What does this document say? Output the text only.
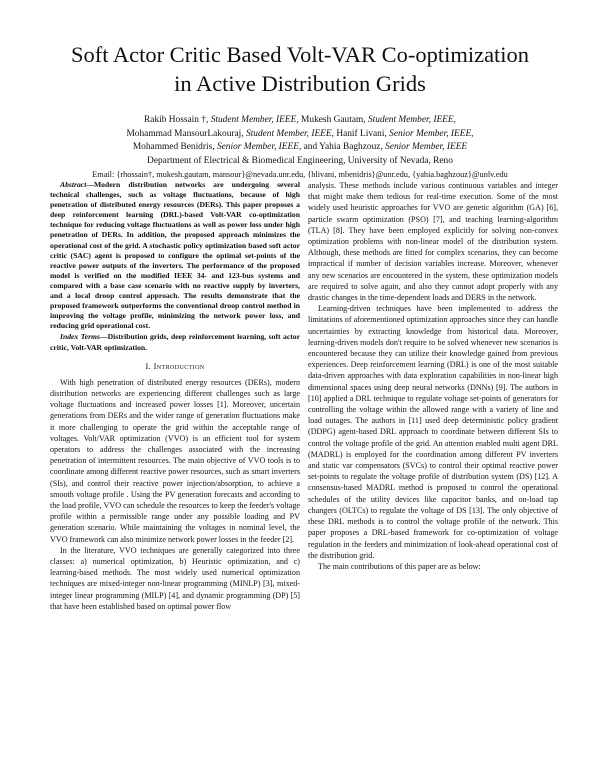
Soft Actor Critic Based Volt-VAR Co-optimization
in Active Distribution Grids
Rakib Hossain †, Student Member, IEEE, Mukesh Gautam, Student Member, IEEE,
Mohammad MansourLakouraj, Student Member, IEEE, Hanif Livani, Senior Member, IEEE,
Mohammed Benidris, Senior Member, IEEE, and Yahia Baghzouz, Senior Member, IEEE
Department of Electrical & Biomedical Engineering, University of Nevada, Reno
Email: {rhossain†, mukesh.gautam, mansour}@nevada.unr.edu, {hlivani, mbenidris}@unr.edu, {yahia.baghzouz}@unlv.edu
Abstract—Modern distribution networks are undergoing several technical challenges, such as voltage fluctuations, because of high penetration of distributed energy resources (DERs). This paper proposes a deep reinforcement learning (DRL)-based Volt-VAR co-optimization technique for reducing voltage fluctuations as well as power loss under high penetration of DERs. In addition, the proposed approach minimizes the operational cost of the grid. A stochastic policy optimization based soft actor critic (SAC) agent is proposed to configure the optimal set-points of the reactive power outputs of the inverters. The performance of the proposed model is verified on the modified IEEE 34- and 123-bus systems and compared with a base case scenario with no reactive supply by inverters, and a local droop control approach. The results demonstrate that the proposed framework outperforms the conventional droop control method in improving the voltage profile, minimizing the network power loss, and reducing grid operational cost.
Index Terms—Distribution grids, deep reinforcement learning, soft actor critic, Volt-VAR optimization.
I. Introduction

With high penetration of distributed energy resources (DERs), modern distribution networks are experiencing different challenges such as large voltage fluctuations and increased power losses [1]. Moreover, uncertain generations from DERs and the wider range of generation fluctuations make it more challenging to operate the grid within the acceptable range of voltages. Volt/VAR optimization (VVO) is an efficient tool for system operators to address the challenges associated with the increasing penetration of intermittent resources. The main objective of VVO tools is to coordinate among different reactive power resources, such as smart inverters (SIs), and control their reactive power injection/absorption, to achieve a smooth voltage profile . Using the PV generation forecasts and according to the load profile, VVO can schedule the resources to keep the feeder's voltage profile within a permissible range under any possible loading and PV generation scenario. While maintaining the voltages in nominal level, the VVO framework can also minimize network power losses in the feeder [2].

In the literature, VVO techniques are generally categorized into three classes: a) numerical optimization, b) Heuristic optimization, and c) learning-based methods. The most widely used numerical optimization techniques are mixed-integer non-linear programming (MINLP) [3], mixed-integer linear programming (MILP) [4], and dynamic programming (DP) [5] that have been established based on optimal power flow

analysis. These methods include various continuous variables and integer that might make them tedious for real-time execution. Some of the most widely used heuristic approaches for VVO are genetic algorithm (GA) [6], particle swarm optimization (PSO) [7], and teaching learning-algorithm (TLA) [8]. They have been employed explicitly for solving non-convex optimization problems with non-linear model of the distribution system. Although, these methods are fitted for complex scenarios, they can become impractical if number of decision variables increase. Moreover, whenever any new scenarios are encountered in the system, these optimization models are required to solve again, and also they cannot adopt properly with any drastic changes in the time-dependent loads and DERS in the network.

Learning-driven techniques have been implemented to address the limitations of aforementioned optimization approaches since they can handle uncertainties by extracting knowledge from historical data. Moreover, learning-driven models don't require to be solved whenever new scenarios is encountered because they can utilize their knowledge gained from previous experiences. Deep reinforcement learning (DRL) is one of the most suitable data-driven approaches with data exploration capabilities in non-linear high dimensional spaces using deep neural networks (DNNs) [9]. The authors in [10] applied a DRL technique to regulate voltage set-points of generators for controlling the voltage within the allowed range with a variety of line and load outages. The authors in [11] used deep deterministic policy gradient (DDPG) agent-based DRL approach to coordinate between different SIs to control the voltage profile of the grid. An attention enabled multi agent DRL (MADRL) is employed for the coordination among different PV inverters and static var compensators (SVCs) to control their optimal reactive power set-points to regulate the voltage profile of distribution system (DS) [12]. A consensus-based MADRL method is proposed to control the operational schedules of the utility devices like capacitor banks, and on-load tap changers (OLTCs) to regulate the voltage of DS [13]. The only objective of these DRL methods is to control the voltage profile of the network. This paper proposes a DRL-based framework for co-optimization of voltage regulation in the feeders and minimization of look-ahead operational cost of the distribution grid.

The main contributions of this paper are as below:
